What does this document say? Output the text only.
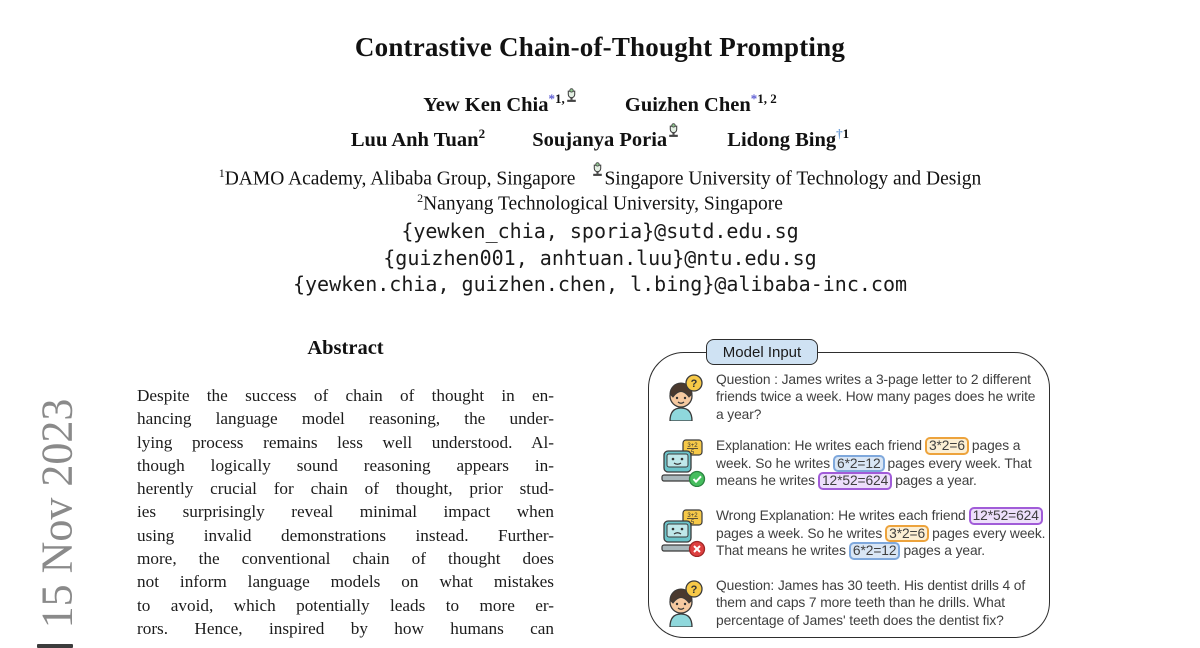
15 Nov 2023
Contrastive Chain-of-Thought Prompting
Yew Ken Chia$^{*1,}$	Guizhen Chen$^{*1, 2}$
Luu Anh Tuan$^2$ Soujanya Poria	Lidong Bing$^{\dagger 1}$
$^1$DAMO Academy, Alibaba Group, Singapore Singapore University of Technology and Design
$^2$Nanyang Technological University, Singapore
{yewken_chia, sporia}@sutd.edu.sg
{guizhen001, anhtuan.luu}@ntu.edu.sg
{yewken.chia, guizhen.chen, l.bing}@alibaba-inc.com
Abstract
Despite the success of chain of thought in en-
hancing language model reasoning, the under-
lying process remains less well understood. Al-
though logically sound reasoning appears in-
herently crucial for chain of thought, prior stud-
ies surprisingly reveal minimal impact when
using invalid demonstrations instead. Further-
more, the conventional chain of thought does
not inform language models on what mistakes
to avoid, which potentially leads to more er-
rors. Hence, inspired by how humans can
Model Input
? Question : James writes a 3-page letter to 2 different
friends twice a week. How many pages does he write
a year?
3+2
5 Explanation: He writes each friend 3*2=6 pages a
week. So he writes 6*2=12 pages every week. That
means he writes 12*52=624 pages a year.
3+2
5 Wrong Explanation: He writes each friend 12*52=624
pages a week. So he writes 3*2=6 pages every week.
That means he writes 6*2=12 pages a year.
? Question: James has 30 teeth. His dentist drills 4 of
them and caps 7 more teeth than he drills. What
percentage of James' teeth does the dentist fix?
